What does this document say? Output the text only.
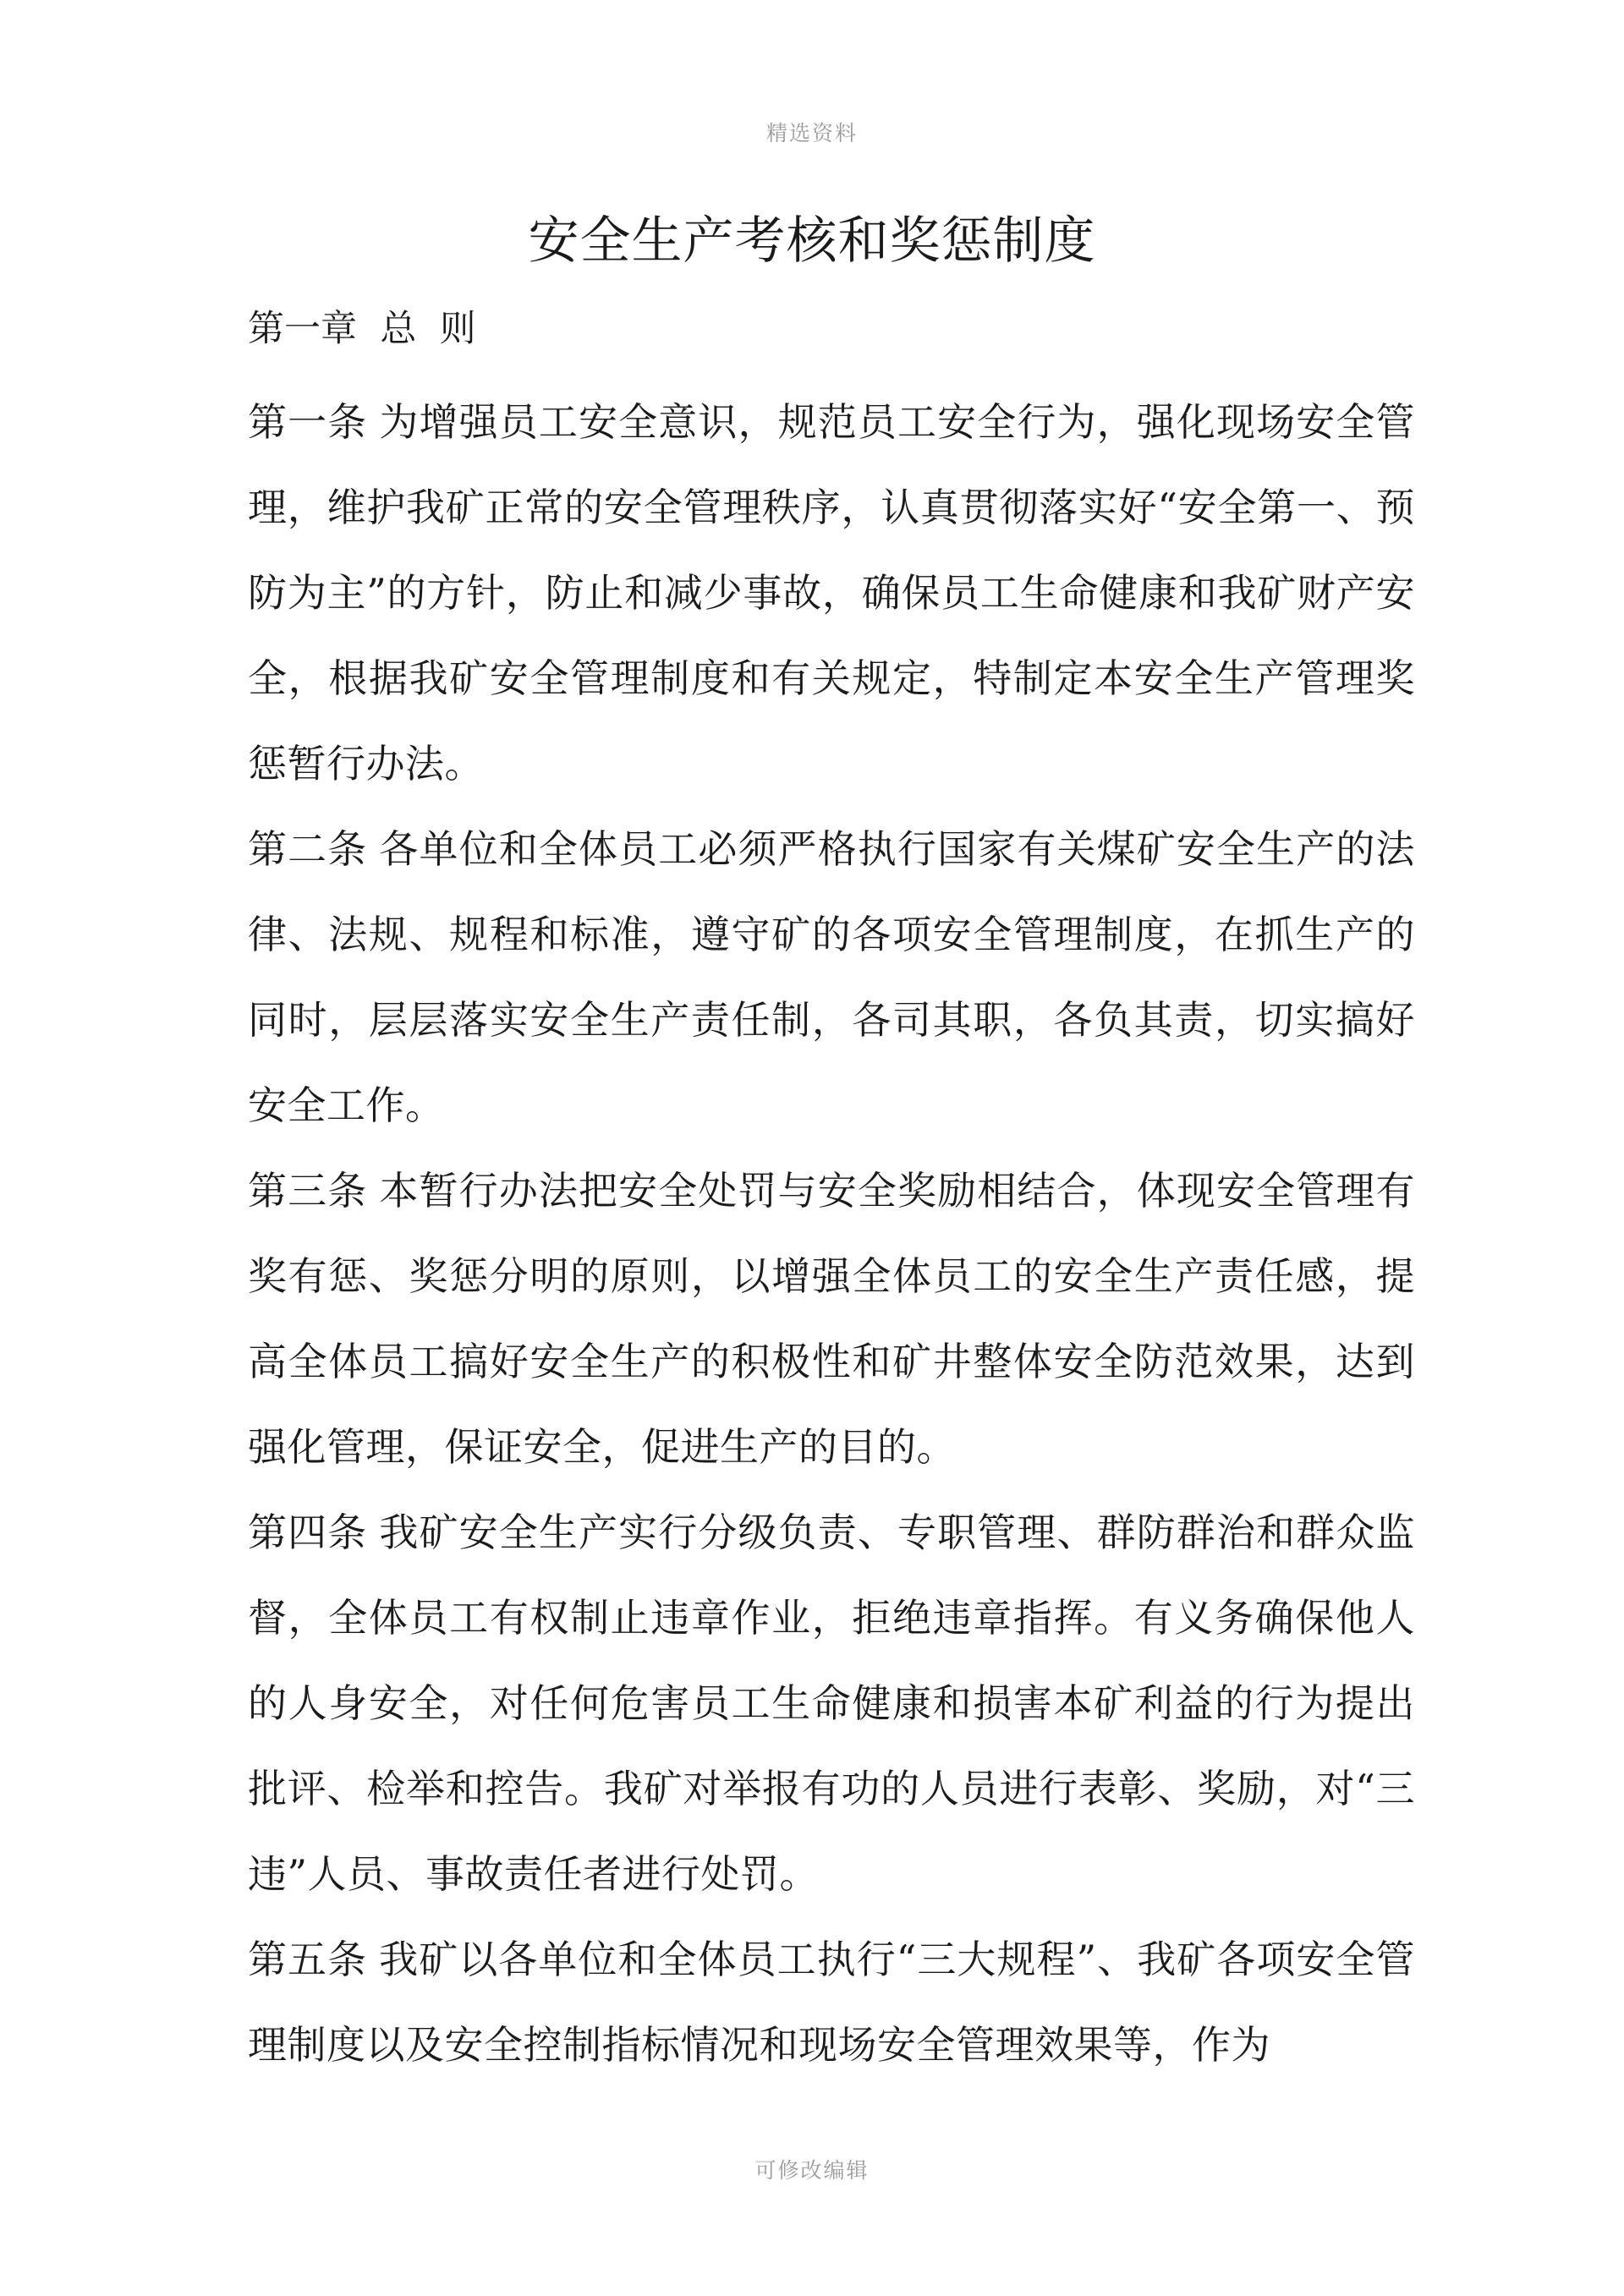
精选资料
安全生产考核和奖惩制度
第一章  总  则

第一条 为增强员工安全意识，规范员工安全行为，强化现场安全管理，维护我矿正常的安全管理秩序，认真贯彻落实好“安全第一、预防为主”的方针，防止和减少事故，确保员工生命健康和我矿财产安全，根据我矿安全管理制度和有关规定，特制定本安全生产管理奖惩暂行办法。

第二条 各单位和全体员工必须严格执行国家有关煤矿安全生产的法律、法规、规程和标准，遵守矿的各项安全管理制度，在抓生产的同时，层层落实安全生产责任制，各司其职，各负其责，切实搞好安全工作。

第三条 本暂行办法把安全处罚与安全奖励相结合，体现安全管理有奖有惩、奖惩分明的原则，以增强全体员工的安全生产责任感，提高全体员工搞好安全生产的积极性和矿井整体安全防范效果，达到强化管理，保证安全，促进生产的目的。

第四条 我矿安全生产实行分级负责、专职管理、群防群治和群众监督，全体员工有权制止违章作业，拒绝违章指挥。有义务确保他人的人身安全，对任何危害员工生命健康和损害本矿利益的行为提出批评、检举和控告。我矿对举报有功的人员进行表彰、奖励，对“三违”人员、事故责任者进行处罚。

第五条 我矿以各单位和全体员工执行“三大规程”、我矿各项安全管理制度以及安全控制指标情况和现场安全管理效果等，作为

可修改编辑
